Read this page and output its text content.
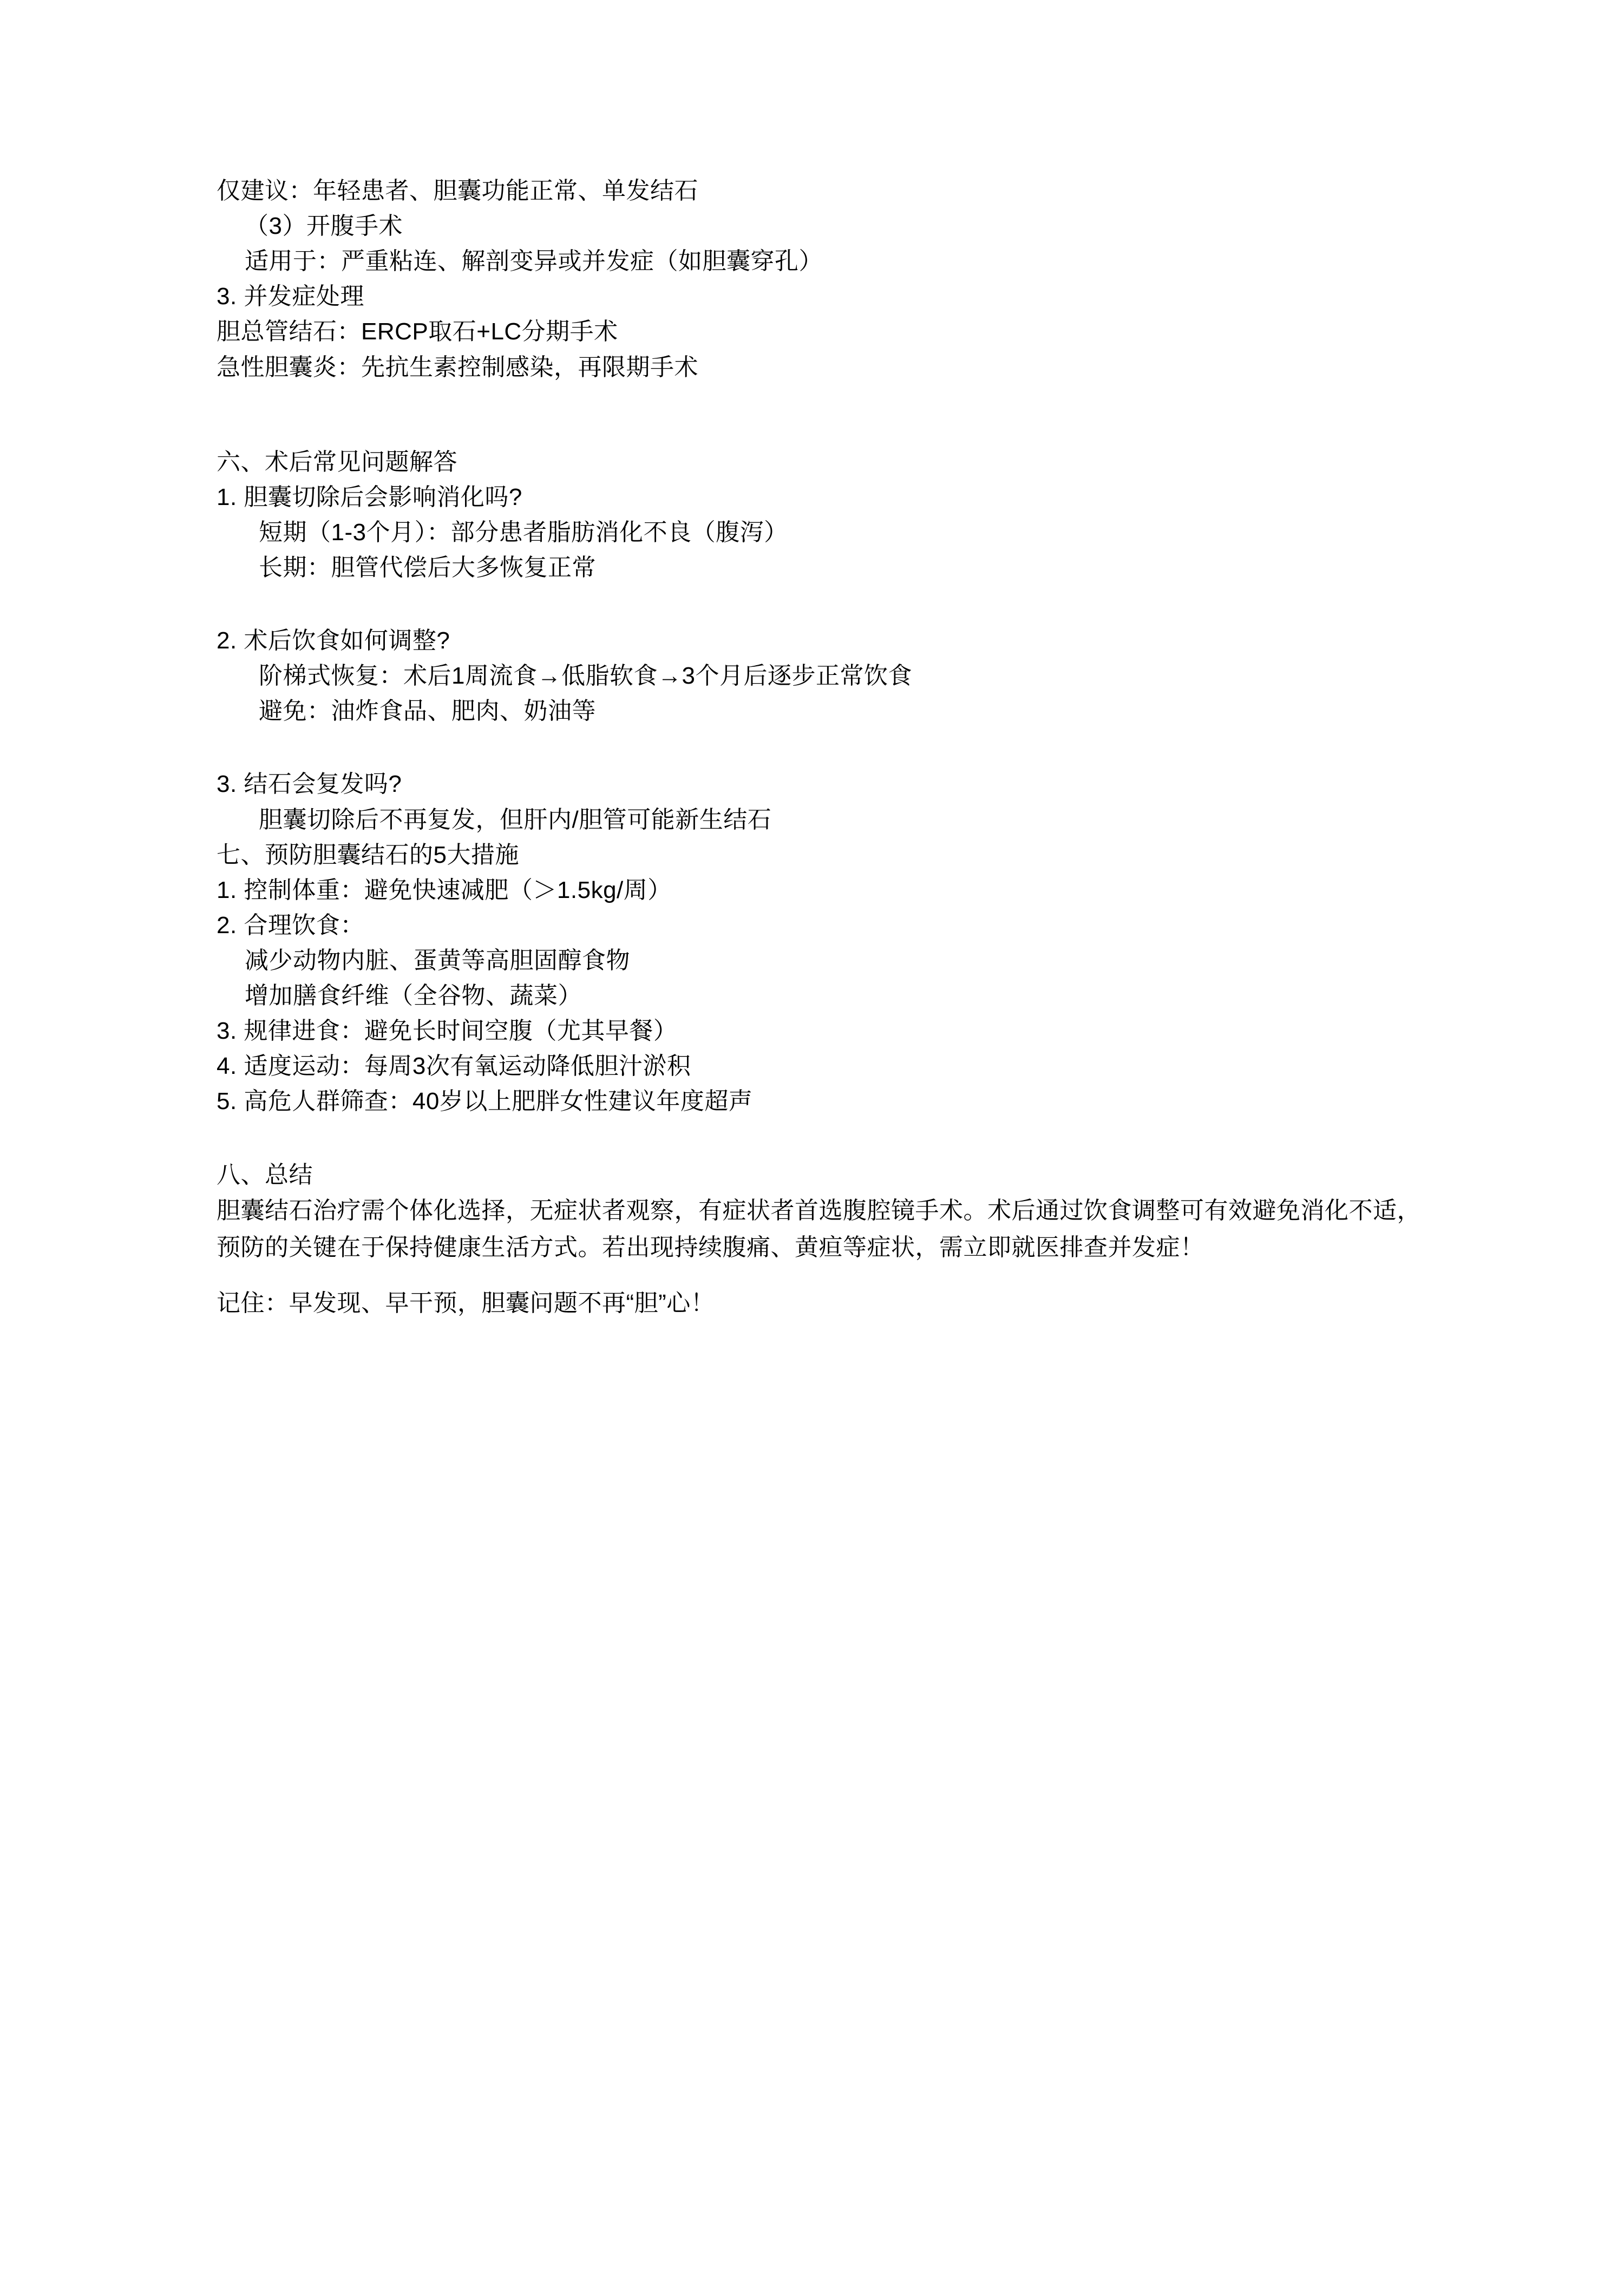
仅建议：年轻患者、胆囊功能正常、单发结石
（3）开腹手术
适用于：严重粘连、解剖变异或并发症（如胆囊穿孔）
3. 并发症处理
胆总管结石：ERCP取石+LC分期手术
急性胆囊炎：先抗生素控制感染，再限期手术
六、术后常见问题解答
1. 胆囊切除后会影响消化吗?
短期（1-3个月）：部分患者脂肪消化不良（腹泻）
长期：胆管代偿后大多恢复正常
2. 术后饮食如何调整?
阶梯式恢复：术后1周流食→低脂软食→3个月后逐步正常饮食
避免：油炸食品、肥肉、奶油等
3. 结石会复发吗?
胆囊切除后不再复发，但肝内/胆管可能新生结石
七、预防胆囊结石的5大措施
1. 控制体重：避免快速减肥（＞1.5kg/周）
2. 合理饮食：
减少动物内脏、蛋黄等高胆固醇食物
增加膳食纤维（全谷物、蔬菜）
3. 规律进食：避免长时间空腹（尤其早餐）
4. 适度运动：每周3次有氧运动降低胆汁淤积
5. 高危人群筛查：40岁以上肥胖女性建议年度超声
八、总结

胆囊结石治疗需个体化选择，无症状者观察，有症状者首选腹腔镜手术。术后通过饮食调整可有效避免消化不适，预防的关键在于保持健康生活方式。若出现持续腹痛、黄疸等症状，需立即就医排查并发症！

记住：早发现、早干预，胆囊问题不再“胆”心！
